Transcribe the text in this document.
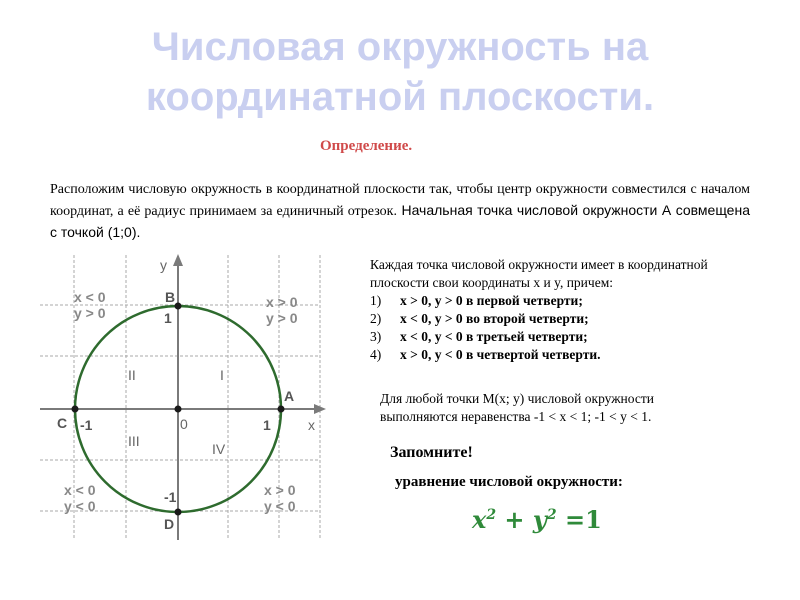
Числовая окружность на
координатной плоскости.
Определение.
Расположим числовую окружность в координатной плоскости так, чтобы центр окружности совместился с началом координат, а её радиус принимаем за единичный отрезок. Начальная точка числовой окружности А совмещена с точкой (1;0).
y
x
0
I
II
III	IV
A
B
C
D
1
-1
1
-1
x < 0
y > 0
x > 0
y > 0
x < 0
y < 0
x > 0
y < 0
Каждая точка числовой окружности имеет в координатной плоскости свои координаты x и y, причем:
1)	x > 0, y > 0 в первой четверти;
2)	x < 0, y > 0 во второй четверти;
3)	x < 0, y < 0 в третьей четверти;
4)	x > 0, y < 0 в четвертой четверти.
Для любой точки M(x; y) числовой окружности
выполняются неравенства -1 < x < 1; -1 < y < 1.
Запомните!
уравнение числовой окружности:
$x^2 + y^2 =1$
